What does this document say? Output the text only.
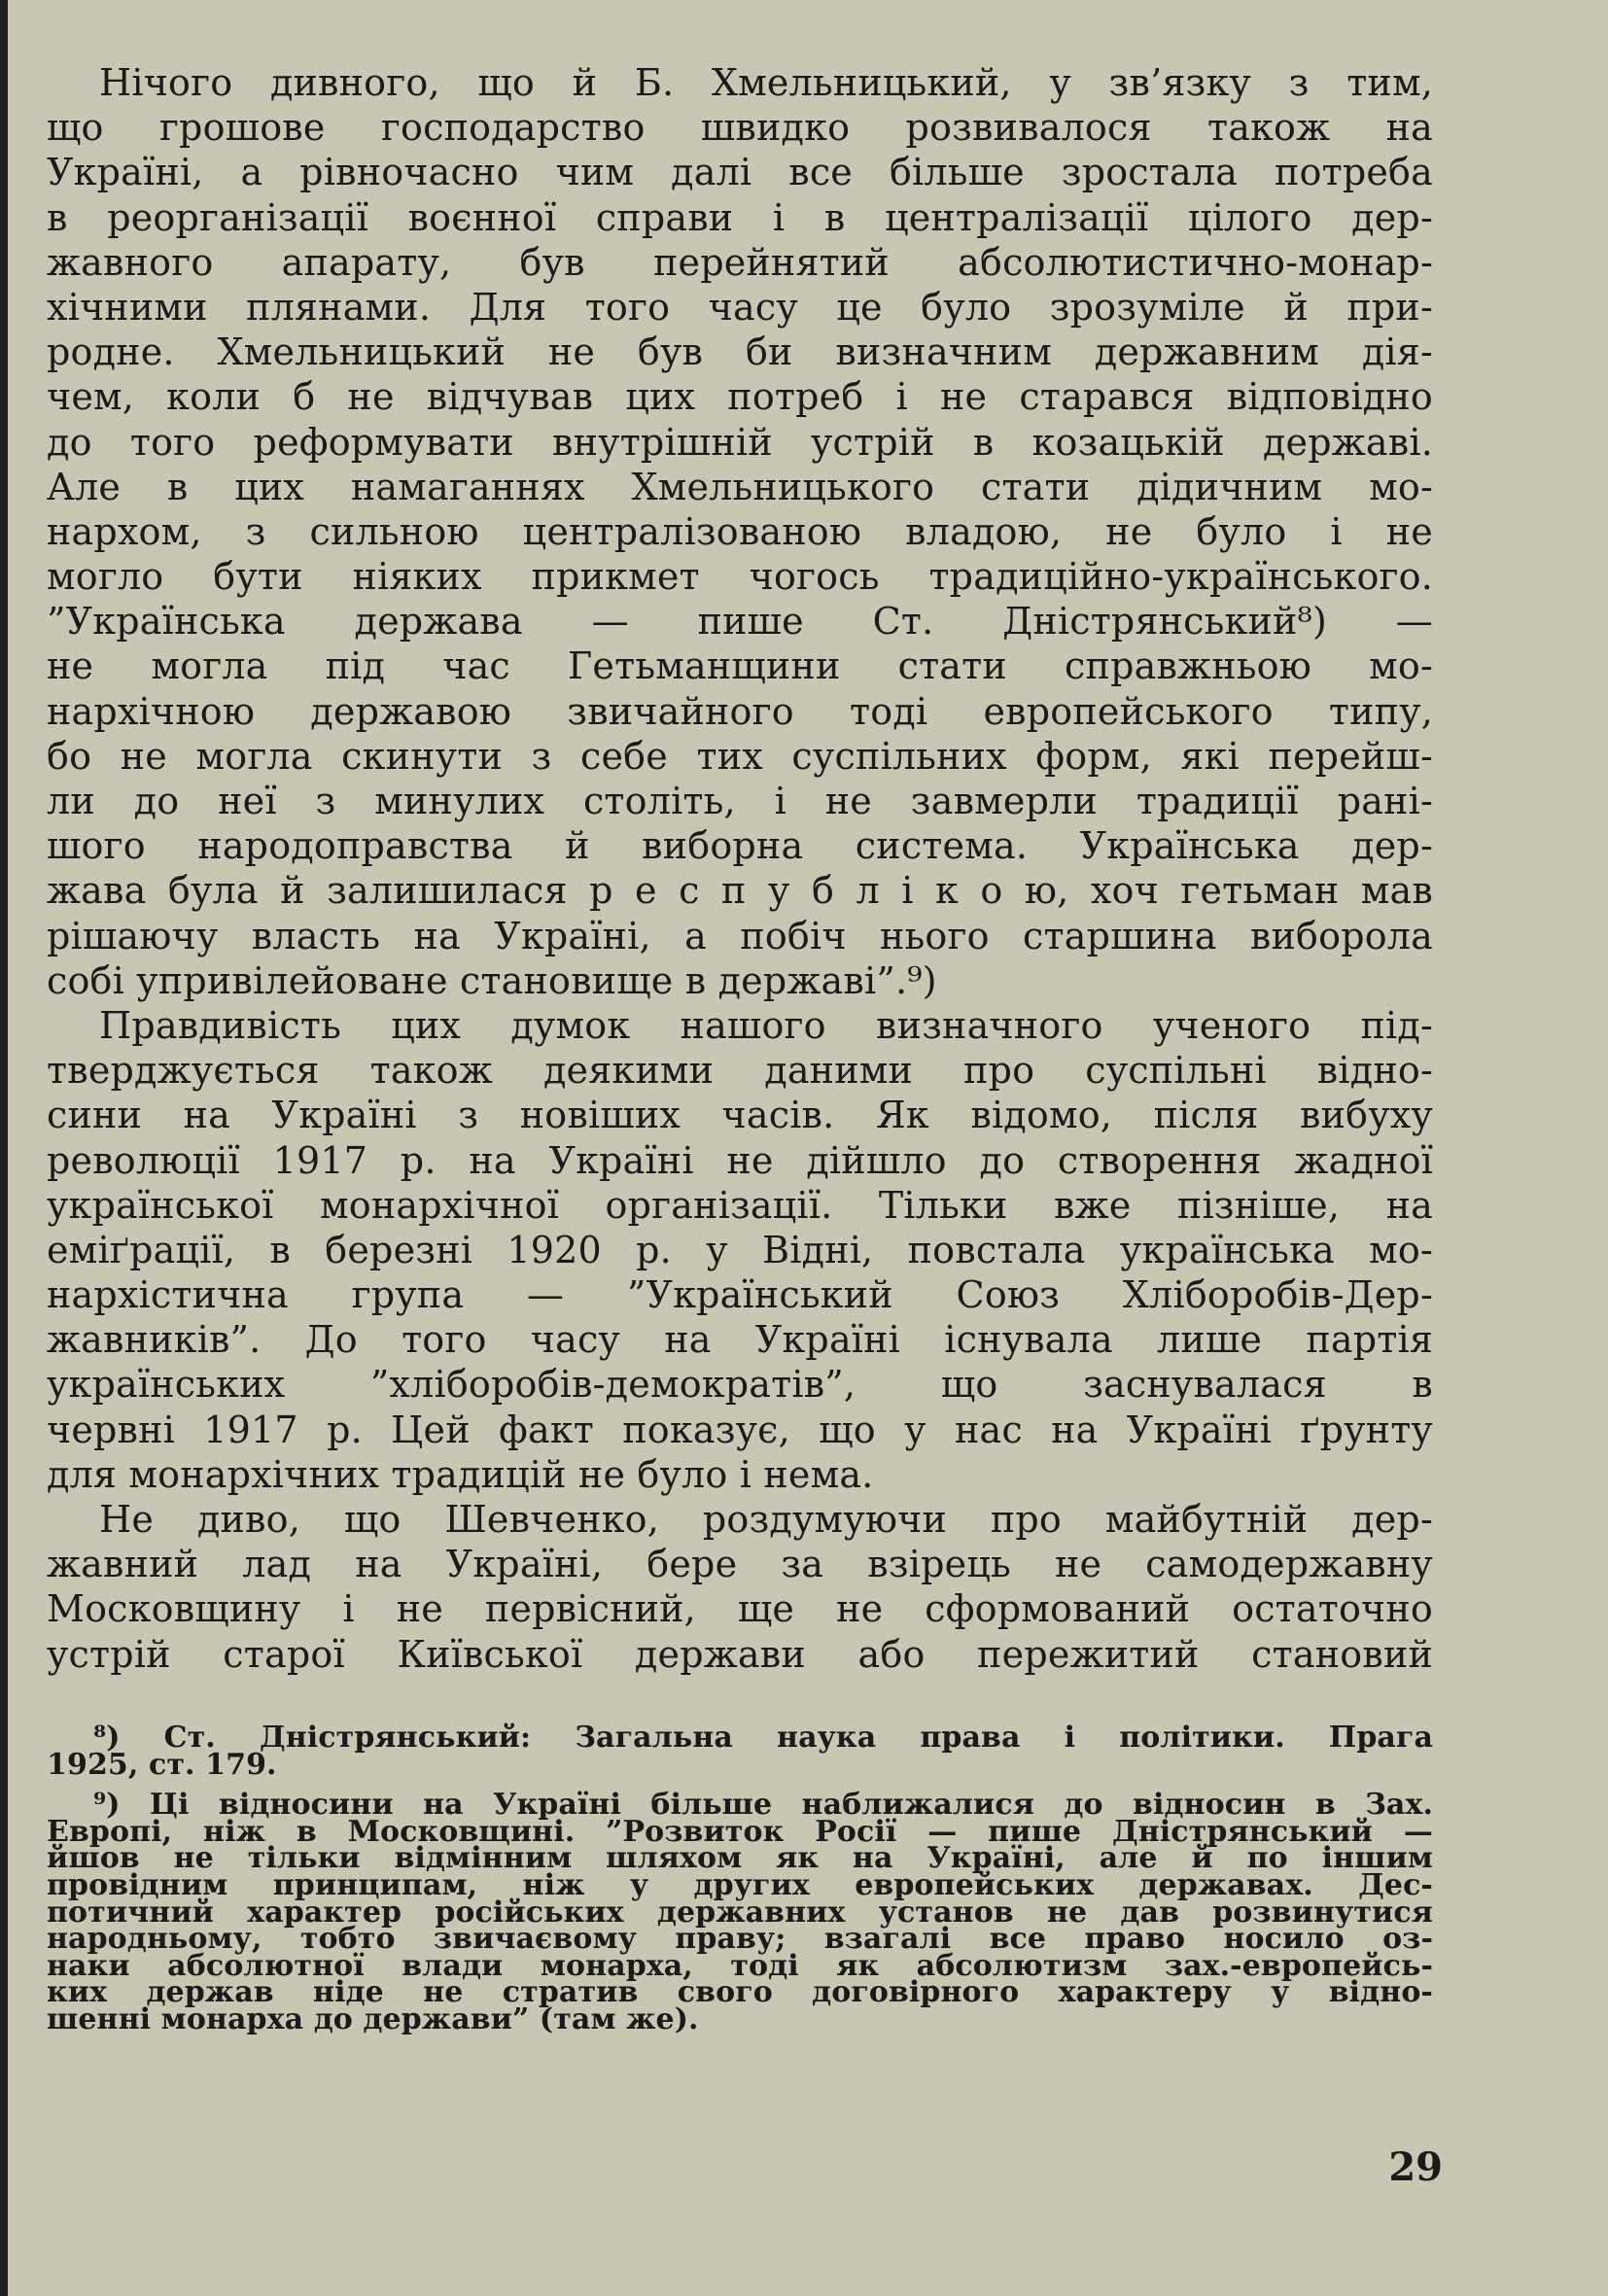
Нічого дивного, що й Б. Хмельницький, у зв’язку з тим,
що грошове господарство швидко розвивалося також на
Україні, а рівночасно чим далі все більше зростала потреба
в реорганізації воєнної справи і в централізації цілого дер-
жавного апарату, був перейнятий абсолютистично-монар-
хічними плянами. Для того часу це було зрозуміле й при-
родне. Хмельницький не був би визначним державним дія-
чем, коли б не відчував цих потреб і не старався відповідно
до того реформувати внутрішній устрій в козацькій державі.
Але в цих намаганнях Хмельницького стати дідичним мо-
нархом, з сильною централізованою владою, не було і не
могло бути ніяких прикмет чогось традиційно-українського.
”Українська держава — пише Ст. Дністрянський⁸) —
не могла під час Гетьманщини стати справжньою мо-
нархічною державою звичайного тоді европейського типу,
бо не могла скинути з себе тих суспільних форм, які перейш-
ли до неї з минулих століть, і не завмерли традиції рані-
шого народоправства й виборна система. Українська дер-
жава була й залишилася р е с п у б л і к о ю, хоч гетьман мав
рішаючу власть на Україні, а побіч нього старшина виборола
собі упривілейоване становище в державі”.⁹)
Правдивість цих думок нашого визначного ученого під-
тверджується також деякими даними про суспільні відно-
сини на Україні з новіших часів. Як відомо, після вибуху
революції 1917 р. на Україні не дійшло до створення жадної
української монархічної організації. Тільки вже пізніше, на
еміґрації, в березні 1920 р. у Відні, повстала українська мо-
нархістична група — ”Український Союз Хліборобів-Дер-
жавників”. До того часу на Україні існувала лише партія
українських ”хліборобів-демократів”, що заснувалася в
червні 1917 р. Цей факт показує, що у нас на Україні ґрунту
для монархічних традицій не було і нема.
Не диво, що Шевченко, роздумуючи про майбутній дер-
жавний лад на Україні, бере за взірець не самодержавну
Московщину і не первісний, ще не сформований остаточно
устрій старої Київської держави або пережитий становий
⁸) Ст. Дністрянський: Загальна наука права і політики. Прага
1925, ст. 179.
⁹) Ці відносини на Україні більше наближалися до відносин в Зах.
Европі, ніж в Московщині. ”Розвиток Росії — пише Дністрянський —
йшов не тільки відмінним шляхом як на Україні, але й по іншим
провідним принципам, ніж у других европейських державах. Дес-
потичний характер російських державних установ не дав розвинутися
народньому, тобто звичаєвому праву; взагалі все право носило оз-
наки абсолютної влади монарха, тоді як абсолютизм зах.-европейсь-
ких держав ніде не стратив свого договірного характеру у відно-
шенні монарха до держави” (там же).
29
